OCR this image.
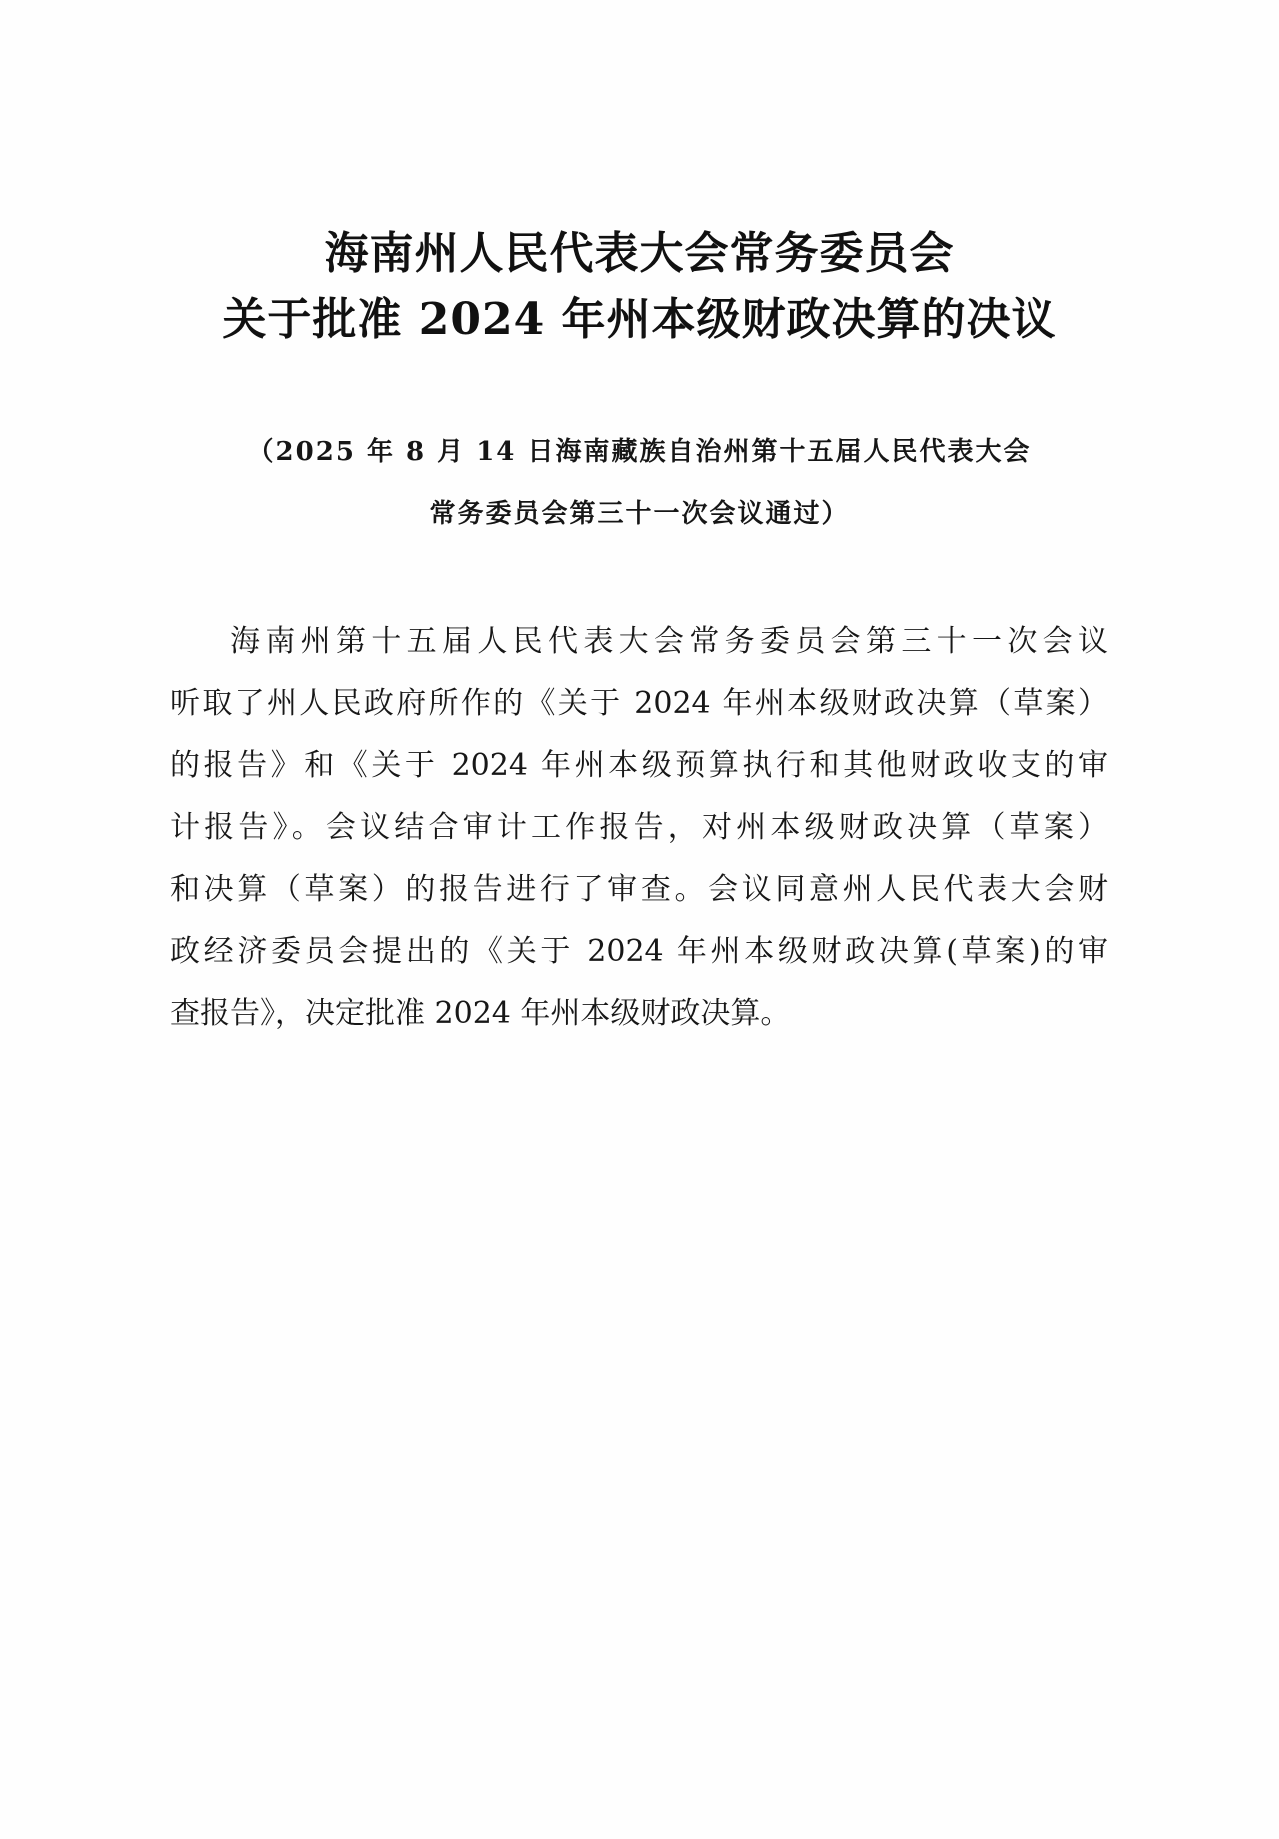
海南州人民代表大会常务委员会
关于批准 2024 年州本级财政决算的决议
（2025 年 8 月 14 日海南藏族自治州第十五届人民代表大会
常务委员会第三十一次会议通过）
海南州第十五届人民代表大会常务委员会第三十一次会议
听取了州人民政府所作的《关于 2024 年州本级财政决算（草案）
的报告》和《关于 2024 年州本级预算执行和其他财政收支的审
计报告》。会议结合审计工作报告，对州本级财政决算（草案）
和决算（草案）的报告进行了审查。会议同意州人民代表大会财
政经济委员会提出的《关于 2024 年州本级财政决算(草案)的审
查报告》，决定批准 2024 年州本级财政决算。
